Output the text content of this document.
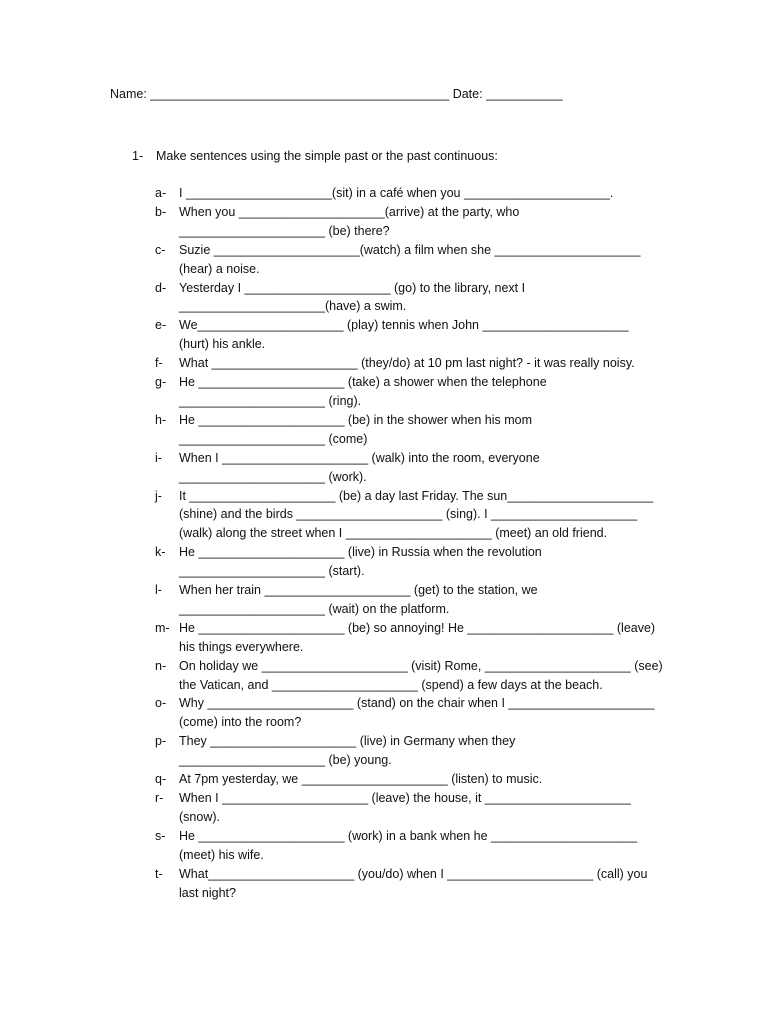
Name: ___________________________________________ Date: ___________
1- Make sentences using the simple past or the past continuous:
a-	I _____________________(sit) in a café when you _____________________.
b-	When you _____________________(arrive) at the party, who
_____________________ (be) there?
c-	Suzie _____________________(watch) a film when she _____________________
(hear) a noise.
d-	Yesterday I _____________________ (go) to the library, next I
_____________________(have) a swim.
e-	We_____________________ (play) tennis when John _____________________
(hurt) his ankle.
f-	What _____________________ (they/do) at 10 pm last night? - it was really noisy.
g-	He _____________________ (take) a shower when the telephone
_____________________ (ring).
h-	He _____________________ (be) in the shower when his mom
_____________________ (come)
i-	When I _____________________ (walk) into the room, everyone
_____________________ (work).
j-	It _____________________ (be) a day last Friday. The sun_____________________
(shine) and the birds _____________________ (sing). I _____________________
(walk) along the street when I _____________________ (meet) an old friend.
k-	He _____________________ (live) in Russia when the revolution
_____________________ (start).
l-	When her train _____________________ (get) to the station, we
_____________________ (wait) on the platform.
m- He _____________________ (be) so annoying! He _____________________ (leave)
his things everywhere.
n-	On holiday we _____________________ (visit) Rome, _____________________ (see)
the Vatican, and _____________________ (spend) a few days at the beach.
o-	Why _____________________ (stand) on the chair when I _____________________
(come) into the room?
p-	They _____________________ (live) in Germany when they
_____________________ (be) young.
q-	At 7pm yesterday, we _____________________ (listen) to music.
r-	When I _____________________ (leave) the house, it _____________________
(snow).
s-	He _____________________ (work) in a bank when he _____________________
(meet) his wife.
t-	What_____________________ (you/do) when I _____________________ (call) you
last night?
